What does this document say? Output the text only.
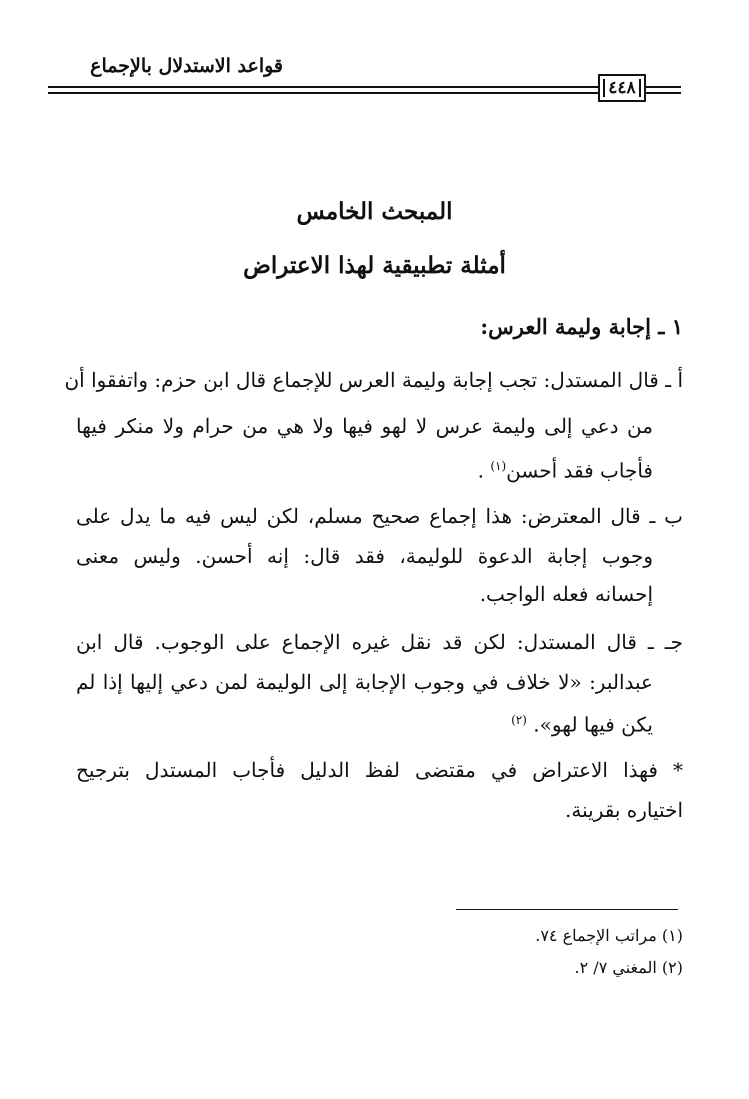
قواعد الاستدلال بالإجماع
٤٤٨
المبحث الخامس
أمثلة تطبيقية لهذا الاعتراض
١ ـ إجابة وليمة العرس:
أ ـ قال المستدل: تجب إجابة وليمة العرس للإجماع قال ابن حزم: واتفقوا أن
من دعي إلى وليمة عرس لا لهو فيها ولا هي من حرام ولا منكر فيها
فأجاب فقد أحسن$^{(١)}$ .
ب ـ قال المعترض: هذا إجماع صحيح مسلم، لكن ليس فيه ما يدل على
وجوب إجابة الدعوة للوليمة، فقد قال: إنه أحسن. وليس معنى
إحسانه فعله الواجب.
جـ ـ قال المستدل: لكن قد نقل غيره الإجماع على الوجوب. قال ابن
عبدالبر: «لا خلاف في وجوب الإجابة إلى الوليمة لمن دعي إليها إذا لم
يكن فيها لهو». $^{(٢)}$
* فهذا الاعتراض في مقتضى لفظ الدليل فأجاب المستدل بترجيح
اختياره بقرينة.
(١) مراتب الإجماع ٧٤.
(٢) المغني ٧/ ٢.
